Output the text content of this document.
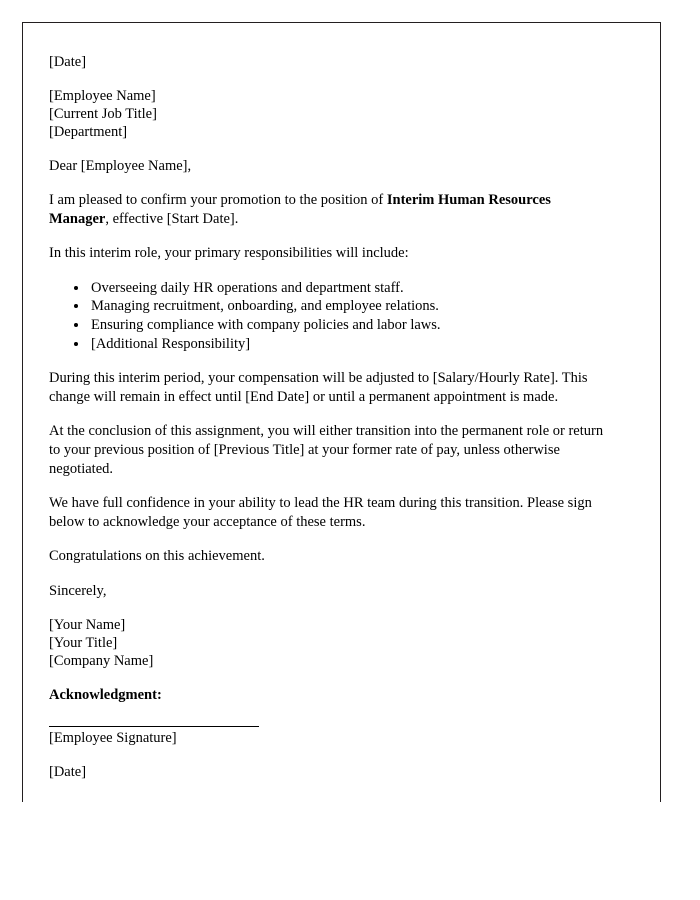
[Date]
[Employee Name]
[Current Job Title]
[Department]
Dear [Employee Name],

I am pleased to confirm your promotion to the position of Interim Human Resources Manager, effective [Start Date].

In this interim role, your primary responsibilities will include:

• Overseeing daily HR operations and department staff.
• Managing recruitment, onboarding, and employee relations.
• Ensuring compliance with company policies and labor laws.
• [Additional Responsibility]

During this interim period, your compensation will be adjusted to [Salary/Hourly Rate]. This change will remain in effect until [End Date] or until a permanent appointment is made.

At the conclusion of this assignment, you will either transition into the permanent role or return to your previous position of [Previous Title] at your former rate of pay, unless otherwise negotiated.

We have full confidence in your ability to lead the HR team during this transition. Please sign below to acknowledge your acceptance of these terms.

Congratulations on this achievement.

Sincerely,
[Your Name]
[Your Title]
[Company Name]
Acknowledgment:
[Employee Signature]
[Date]
